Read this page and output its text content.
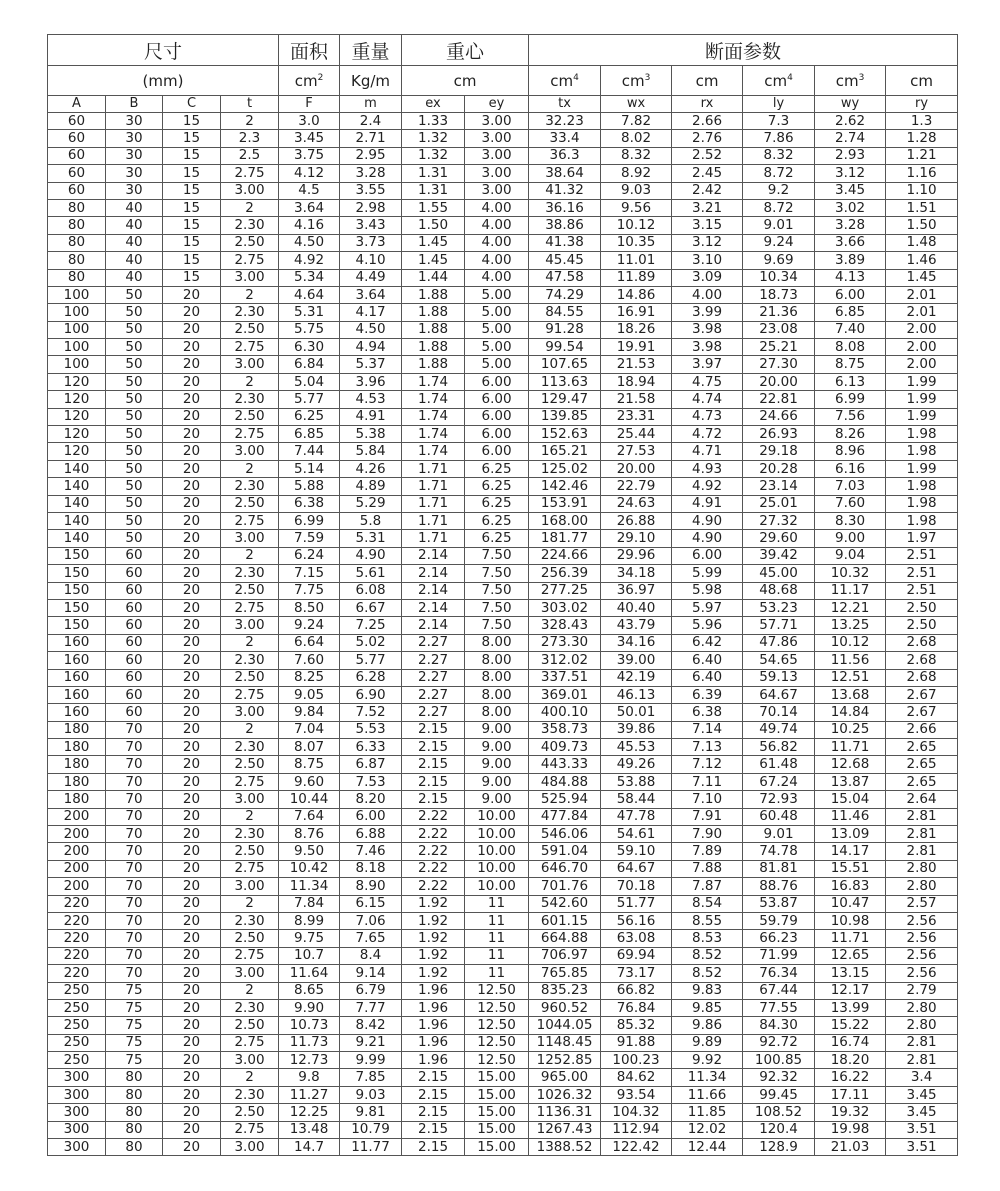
尺寸				面积	重量	重心		断面参数					
(mm)				$cm^2$	Kg/m	cm		$cm^4$	$cm^3$	cm	$cm^4$	$cm^3$	cm
A	B	C	t	F	m	ex	ey	tx	wx	rx	ly	wy	ry
60	30	15	2	3.0	2.4	1.33	3.00	32.23	7.82	2.66	7.3	2.62	1.3
60	30	15	2.3	3.45	2.71	1.32	3.00	33.4	8.02	2.76	7.86	2.74	1.28
60	30	15	2.5	3.75	2.95	1.32	3.00	36.3	8.32	2.52	8.32	2.93	1.21
60	30	15	2.75	4.12	3.28	1.31	3.00	38.64	8.92	2.45	8.72	3.12	1.16
60	30	15	3.00	4.5	3.55	1.31	3.00	41.32	9.03	2.42	9.2	3.45	1.10
80	40	15	2	3.64	2.98	1.55	4.00	36.16	9.56	3.21	8.72	3.02	1.51
80	40	15	2.30	4.16	3.43	1.50	4.00	38.86	10.12	3.15	9.01	3.28	1.50
80	40	15	2.50	4.50	3.73	1.45	4.00	41.38	10.35	3.12	9.24	3.66	1.48
80	40	15	2.75	4.92	4.10	1.45	4.00	45.45	11.01	3.10	9.69	3.89	1.46
80	40	15	3.00	5.34	4.49	1.44	4.00	47.58	11.89	3.09	10.34	4.13	1.45
100	50	20	2	4.64	3.64	1.88	5.00	74.29	14.86	4.00	18.73	6.00	2.01
100	50	20	2.30	5.31	4.17	1.88	5.00	84.55	16.91	3.99	21.36	6.85	2.01
100	50	20	2.50	5.75	4.50	1.88	5.00	91.28	18.26	3.98	23.08	7.40	2.00
100	50	20	2.75	6.30	4.94	1.88	5.00	99.54	19.91	3.98	25.21	8.08	2.00
100	50	20	3.00	6.84	5.37	1.88	5.00	107.65	21.53	3.97	27.30	8.75	2.00
120	50	20	2	5.04	3.96	1.74	6.00	113.63	18.94	4.75	20.00	6.13	1.99
120	50	20	2.30	5.77	4.53	1.74	6.00	129.47	21.58	4.74	22.81	6.99	1.99
120	50	20	2.50	6.25	4.91	1.74	6.00	139.85	23.31	4.73	24.66	7.56	1.99
120	50	20	2.75	6.85	5.38	1.74	6.00	152.63	25.44	4.72	26.93	8.26	1.98
120	50	20	3.00	7.44	5.84	1.74	6.00	165.21	27.53	4.71	29.18	8.96	1.98
140	50	20	2	5.14	4.26	1.71	6.25	125.02	20.00	4.93	20.28	6.16	1.99
140	50	20	2.30	5.88	4.89	1.71	6.25	142.46	22.79	4.92	23.14	7.03	1.98
140	50	20	2.50	6.38	5.29	1.71	6.25	153.91	24.63	4.91	25.01	7.60	1.98
140	50	20	2.75	6.99	5.8	1.71	6.25	168.00	26.88	4.90	27.32	8.30	1.98
140	50	20	3.00	7.59	5.31	1.71	6.25	181.77	29.10	4.90	29.60	9.00	1.97
150	60	20	2	6.24	4.90	2.14	7.50	224.66	29.96	6.00	39.42	9.04	2.51
150	60	20	2.30	7.15	5.61	2.14	7.50	256.39	34.18	5.99	45.00	10.32	2.51
150	60	20	2.50	7.75	6.08	2.14	7.50	277.25	36.97	5.98	48.68	11.17	2.51
150	60	20	2.75	8.50	6.67	2.14	7.50	303.02	40.40	5.97	53.23	12.21	2.50
150	60	20	3.00	9.24	7.25	2.14	7.50	328.43	43.79	5.96	57.71	13.25	2.50
160	60	20	2	6.64	5.02	2.27	8.00	273.30	34.16	6.42	47.86	10.12	2.68
160	60	20	2.30	7.60	5.77	2.27	8.00	312.02	39.00	6.40	54.65	11.56	2.68
160	60	20	2.50	8.25	6.28	2.27	8.00	337.51	42.19	6.40	59.13	12.51	2.68
160	60	20	2.75	9.05	6.90	2.27	8.00	369.01	46.13	6.39	64.67	13.68	2.67
160	60	20	3.00	9.84	7.52	2.27	8.00	400.10	50.01	6.38	70.14	14.84	2.67
180	70	20	2	7.04	5.53	2.15	9.00	358.73	39.86	7.14	49.74	10.25	2.66
180	70	20	2.30	8.07	6.33	2.15	9.00	409.73	45.53	7.13	56.82	11.71	2.65
180	70	20	2.50	8.75	6.87	2.15	9.00	443.33	49.26	7.12	61.48	12.68	2.65
180	70	20	2.75	9.60	7.53	2.15	9.00	484.88	53.88	7.11	67.24	13.87	2.65
180	70	20	3.00	10.44	8.20	2.15	9.00	525.94	58.44	7.10	72.93	15.04	2.64
200	70	20	2	7.64	6.00	2.22	10.00	477.84	47.78	7.91	60.48	11.46	2.81
200	70	20	2.30	8.76	6.88	2.22	10.00	546.06	54.61	7.90	9.01	13.09	2.81
200	70	20	2.50	9.50	7.46	2.22	10.00	591.04	59.10	7.89	74.78	14.17	2.81
200	70	20	2.75	10.42	8.18	2.22	10.00	646.70	64.67	7.88	81.81	15.51	2.80
200	70	20	3.00	11.34	8.90	2.22	10.00	701.76	70.18	7.87	88.76	16.83	2.80
220	70	20	2	7.84	6.15	1.92	11	542.60	51.77	8.54	53.87	10.47	2.57
220	70	20	2.30	8.99	7.06	1.92	11	601.15	56.16	8.55	59.79	10.98	2.56
220	70	20	2.50	9.75	7.65	1.92	11	664.88	63.08	8.53	66.23	11.71	2.56
220	70	20	2.75	10.7	8.4	1.92	11	706.97	69.94	8.52	71.99	12.65	2.56
220	70	20	3.00	11.64	9.14	1.92	11	765.85	73.17	8.52	76.34	13.15	2.56
250	75	20	2	8.65	6.79	1.96	12.50	835.23	66.82	9.83	67.44	12.17	2.79
250	75	20	2.30	9.90	7.77	1.96	12.50	960.52	76.84	9.85	77.55	13.99	2.80
250	75	20	2.50	10.73	8.42	1.96	12.50	1044.05	85.32	9.86	84.30	15.22	2.80
250	75	20	2.75	11.73	9.21	1.96	12.50	1148.45	91.88	9.89	92.72	16.74	2.81
250	75	20	3.00	12.73	9.99	1.96	12.50	1252.85	100.23	9.92	100.85	18.20	2.81
300	80	20	2	9.8	7.85	2.15	15.00	965.00	84.62	11.34	92.32	16.22	3.4
300	80	20	2.30	11.27	9.03	2.15	15.00	1026.32	93.54	11.66	99.45	17.11	3.45
300	80	20	2.50	12.25	9.81	2.15	15.00	1136.31	104.32	11.85	108.52	19.32	3.45
300	80	20	2.75	13.48	10.79	2.15	15.00	1267.43	112.94	12.02	120.4	19.98	3.51
300	80	20	3.00	14.7	11.77	2.15	15.00	1388.52	122.42	12.44	128.9	21.03	3.51
